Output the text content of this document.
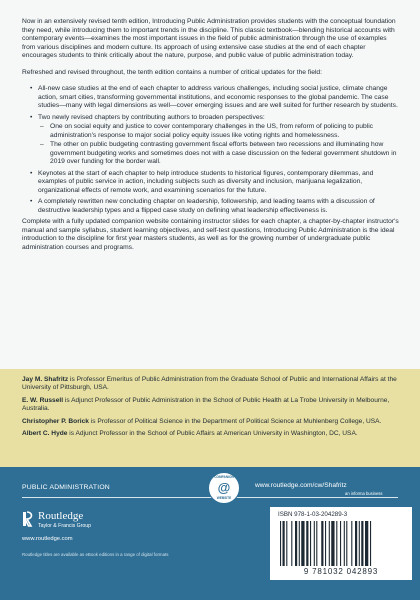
Now in an extensively revised tenth edition, Introducing Public Administration provides students with the conceptual foundation they need, while introducing them to important trends in the discipline. This classic textbook—blending historical accounts with contemporary events—examines the most important issues in the field of public administration through the use of examples from various disciplines and modern culture. Its approach of using extensive case studies at the end of each chapter encourages students to think critically about the nature, purpose, and public value of public administration today.

Refreshed and revised throughout, the tenth edition contains a number of critical updates for the field:

• All-new case studies at the end of each chapter to address various challenges, including social justice, climate change action, smart cities, transforming governmental institutions, and economic responses to the global pandemic. The case studies—many with legal dimensions as well—cover emerging issues and are well suited for further research by students.
• Two newly revised chapters by contributing authors to broaden perspectives:
– One on social equity and justice to cover contemporary challenges in the US, from reform of policing to public administration's response to major social policy equity issues like voting rights and homelessness.
– The other on public budgeting contrasting government fiscal efforts between two recessions and illuminating how government budgeting works and sometimes does not with a case discussion on the federal government shutdown in 2019 over funding for the border wall.
• Keynotes at the start of each chapter to help introduce students to historical figures, contemporary dilemmas, and examples of public service in action, including subjects such as diversity and inclusion, marijuana legalization, organizational effects of remote work, and examining scenarios for the future.
• A completely rewritten new concluding chapter on leadership, followership, and leading teams with a discussion of destructive leadership types and a flipped case study on defining what leadership effectiveness is.

Complete with a fully updated companion website containing instructor slides for each chapter, a chapter-by-chapter instructor's manual and sample syllabus, student learning objectives, and self-test questions, Introducing Public Administration is the ideal introduction to the discipline for first year masters students, as well as for the growing number of undergraduate public administration courses and programs.

Jay M. Shafritz is Professor Emeritus of Public Administration from the Graduate School of Public and International Affairs at the University of Pittsburgh, USA.

E. W. Russell is Adjunct Professor of Public Administration in the School of Public Health at La Trobe University in Melbourne, Australia.

Christopher P. Borick is Professor of Political Science in the Department of Political Science at Muhlenberg College, USA.

Albert C. Hyde is Adjunct Professor in the School of Public Affairs at American University in Washington, DC, USA.

PUBLIC ADMINISTRATION
COMPANION
@
WEBSITE
www.routledge.com/cw/Shafritz
an informa business
Routledge
Taylor & Francis Group
www.routledge.com
Routledge titles are available as eBook editions in a range of digital formats
ISBN 978-1-03-204289-3
9 781032 042893
